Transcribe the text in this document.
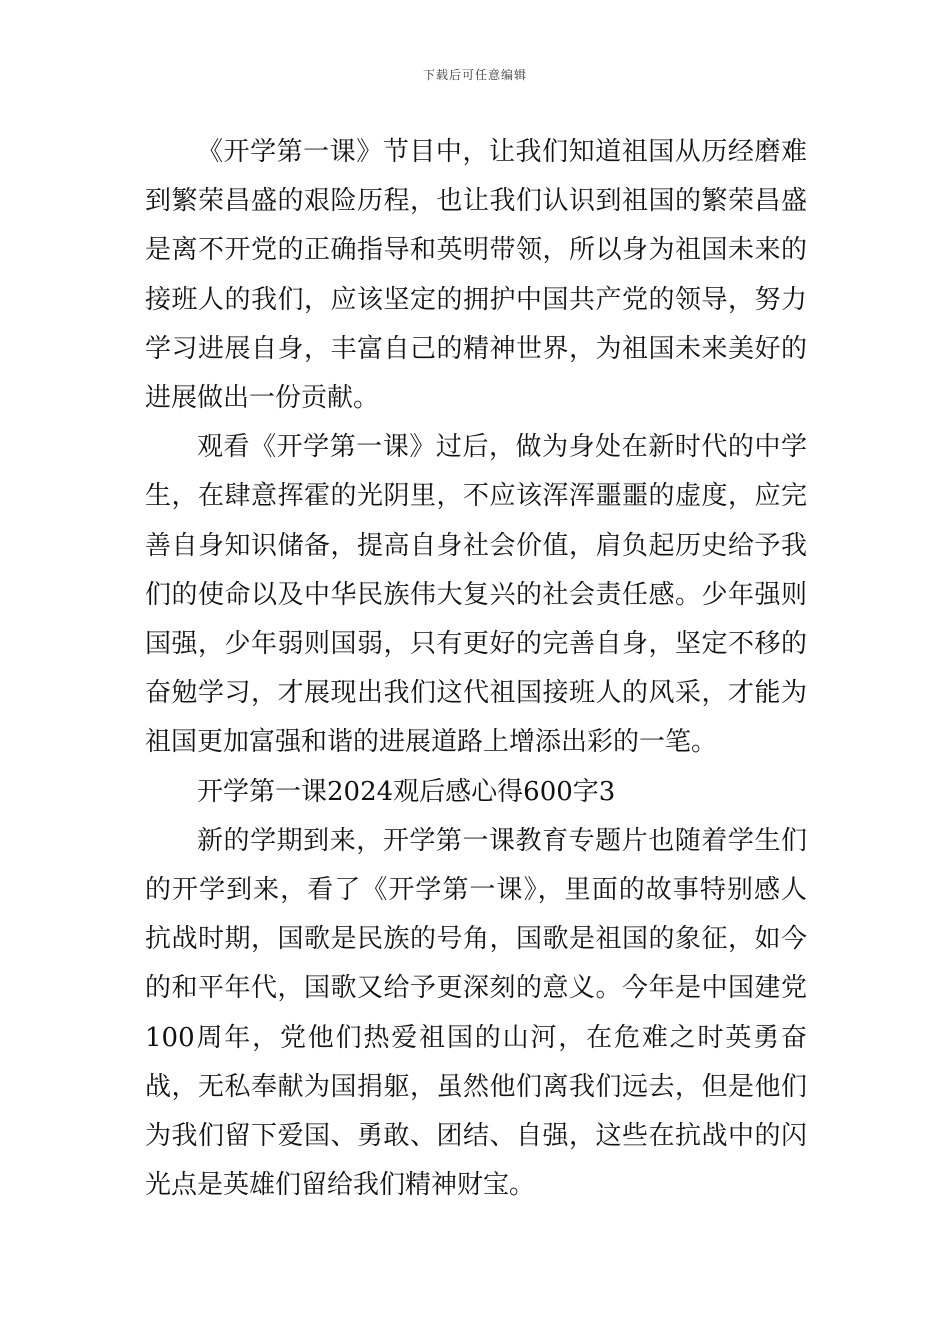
下载后可任意编辑

《开学第一课》节目中，让我们知道祖国从历经磨难到繁荣昌盛的艰险历程，也让我们认识到祖国的繁荣昌盛是离不开党的正确指导和英明带领，所以身为祖国未来的接班人的我们，应该坚定的拥护中国共产党的领导，努力学习进展自身，丰富自己的精神世界，为祖国未来美好的进展做出一份贡献。

观看《开学第一课》过后，做为身处在新时代的中学生，在肆意挥霍的光阴里，不应该浑浑噩噩的虚度，应完善自身知识储备，提高自身社会价值，肩负起历史给予我们的使命以及中华民族伟大复兴的社会责任感。少年强则国强，少年弱则国弱，只有更好的完善自身，坚定不移的奋勉学习，才展现出我们这代祖国接班人的风采，才能为祖国更加富强和谐的进展道路上增添出彩的一笔。

开学第一课2024观后感心得600字3

新的学期到来，开学第一课教育专题片也随着学生们的开学到来，看了《开学第一课》，里面的故事特别感人抗战时期，国歌是民族的号角，国歌是祖国的象征，如今的和平年代，国歌又给予更深刻的意义。今年是中国建党100周年，党他们热爱祖国的山河，在危难之时英勇奋战，无私奉献为国捐躯，虽然他们离我们远去，但是他们为我们留下爱国、勇敢、团结、自强，这些在抗战中的闪光点是英雄们留给我们精神财宝。
